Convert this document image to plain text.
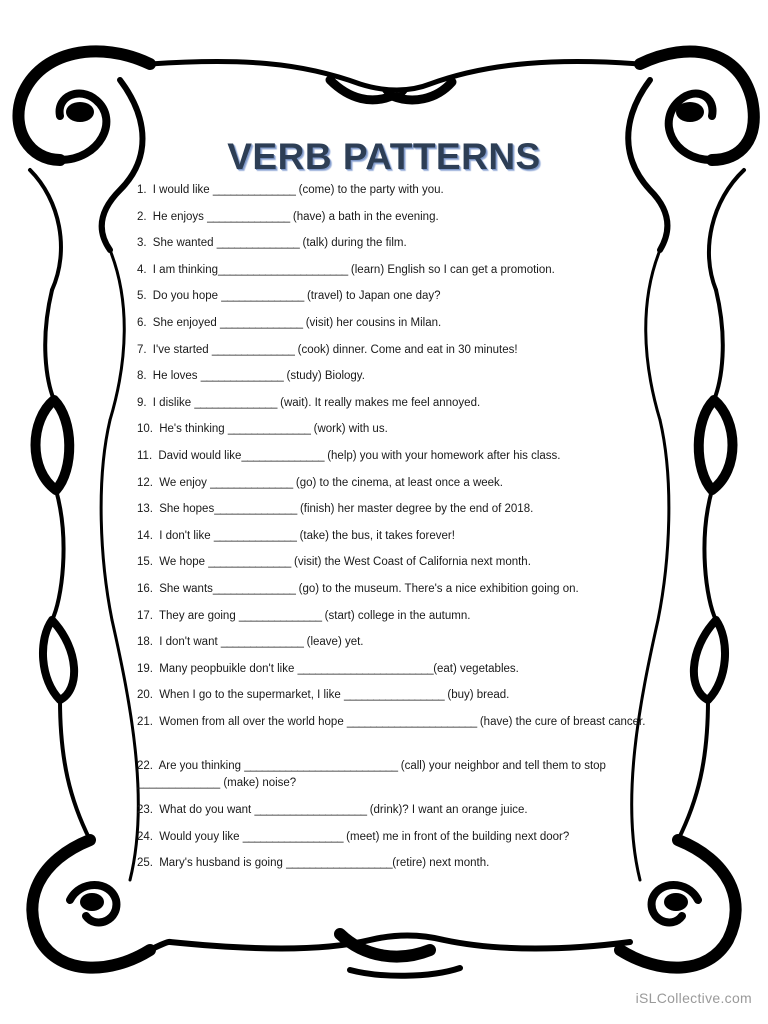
VERB PATTERNS
1. I would like ______________ (come) to the party with you.
2. He enjoys ______________ (have) a bath in the evening.
3. She wanted ______________ (talk) during the film.
4. I am thinking______________________ (learn) English so I can get a promotion.
5. Do you hope ______________ (travel) to Japan one day?
6. She enjoyed ______________ (visit) her cousins in Milan.
7. I've started ______________ (cook) dinner. Come and eat in 30 minutes!
8. He loves ______________ (study) Biology.
9. I dislike ______________ (wait). It really makes me feel annoyed.
10. He's thinking ______________ (work) with us.
11. David would like______________ (help) you with your homework after his class.
12. We enjoy ______________ (go) to the cinema, at least once a week.
13. She hopes______________ (finish) her master degree by the end of 2018.
14. I don't like ______________ (take) the bus, it takes forever!
15. We hope ______________ (visit) the West Coast of California next month.
16. She wants______________ (go) to the museum. There's a nice exhibition going on.
17. They are going ______________ (start) college in the autumn.
18. I don't want ______________ (leave) yet.
19. Many peopbuikle don't like _______________________(eat) vegetables.
20. When I go to the supermarket, I like _________________ (buy) bread.
21. Women from all over the world hope ______________________ (have) the cure of breast cancer.
22. Are you thinking __________________________ (call) your neighbor and tell them to stop _____________ (make) noise?
23. What do you want ___________________ (drink)? I want an orange juice.
24. Would youy like _________________ (meet) me in front of the building next door?
25. Mary's husband is going __________________(retire) next month.
iSLCollective.com
